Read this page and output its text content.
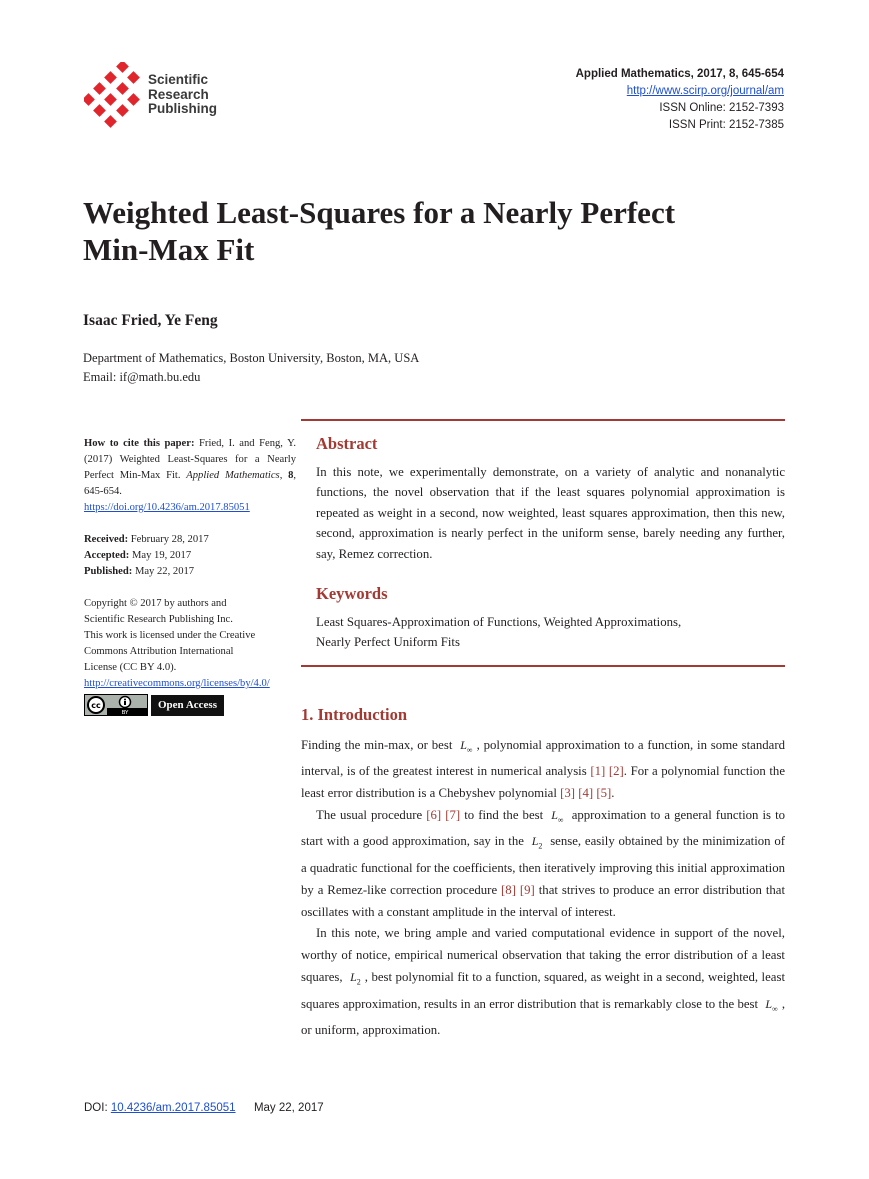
Scientific
Research
Publishing
Applied Mathematics, 2017, 8, 645-654
http://www.scirp.org/journal/am
ISSN Online: 2152-7393
ISSN Print: 2152-7385
Weighted Least-Squares for a Nearly Perfect
Min-Max Fit
Isaac Fried, Ye Feng
Department of Mathematics, Boston University, Boston, MA, USA
Email: if@math.bu.edu
How to cite this paper: Fried, I. and Feng, Y. (2017) Weighted Least-Squares for a Nearly Perfect Min-Max Fit. Applied Mathematics, 8, 645-654.
https://doi.org/10.4236/am.2017.85051
Received: February 28, 2017
Accepted: May 19, 2017
Published: May 22, 2017
Copyright © 2017 by authors and
Scientific Research Publishing Inc.
This work is licensed under the Creative
Commons Attribution International
License (CC BY 4.0).
http://creativecommons.org/licenses/by/4.0/
cc
BY
Open Access
Abstract
In this note, we experimentally demonstrate, on a variety of analytic and nonanalytic functions, the novel observation that if the least squares polynomial approximation is repeated as weight in a second, now weighted, least squares approximation, then this new, second, approximation is nearly perfect in the uniform sense, barely needing any further, say, Remez correction.
Keywords
Least Squares-Approximation of Functions, Weighted Approximations,
Nearly Perfect Uniform Fits
1. Introduction

Finding the min-max, or best $L_\infty$ , polynomial approximation to a function, in some standard interval, is of the greatest interest in numerical analysis [1] [2]. For a polynomial function the least error distribution is a Chebyshev polynomial [3] [4] [5].

The usual procedure [6] [7] to find the best $L_\infty$ approximation to a general function is to start with a good approximation, say in the $L_2$ sense, easily obtained by the minimization of a quadratic functional for the coefficients, then iteratively improving this initial approximation by a Remez-like correction procedure [8] [9] that strives to produce an error distribution that oscillates with a constant amplitude in the interval of interest.

In this note, we bring ample and varied computational evidence in support of the novel, worthy of notice, empirical numerical observation that taking the error distribution of a least squares, $L_2$ , best polynomial fit to a function, squared, as weight in a second, weighted, least squares approximation, results in an error distribution that is remarkably close to the best $L_\infty$ , or uniform, approximation.

DOI: 10.4236/am.2017.85051 May 22, 2017
